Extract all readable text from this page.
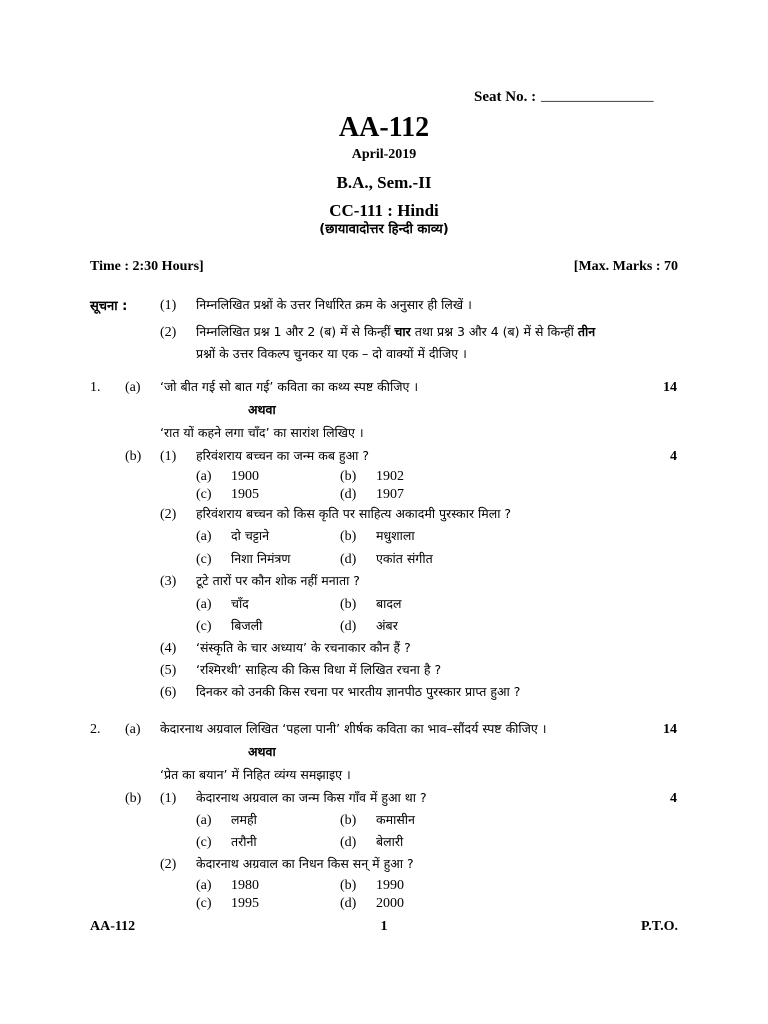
Seat No. : _______________
AA-112
April-2019
B.A., Sem.-II
CC-111 : Hindi
(छायावादोत्तर हिन्दी काव्य)
Time : 2:30 Hours]	[Max. Marks : 70
सूचना : (1) निम्नलिखित प्रश्नों के उत्तर निर्धारित क्रम के अनुसार ही लिखें ।
(2) निम्नलिखित प्रश्न 1 और 2 (ब) में से किन्हीं चार तथा प्रश्न 3 और 4 (ब) में से किन्हीं तीन
प्रश्नों के उत्तर विकल्प चुनकर या एक – दो वाक्यों में दीजिए ।
1. (a) ‘जो बीत गई सो बात गई’ कविता का कथ्य स्पष्ट कीजिए ।	14
अथवा
‘रात यों कहने लगा चाँद’ का सारांश लिखिए ।
(b) (1) हरिवंशराय बच्चन का जन्म कब हुआ ?	4
(a) 1900	(b) 1902
(c) 1905	(d) 1907
(2) हरिवंशराय बच्चन को किस कृति पर साहित्य अकादमी पुरस्कार मिला ?
(a) दो चट्टाने	(b) मधुशाला
(c) निशा निमंत्रण	(d) एकांत संगीत
(3) टूटे तारों पर कौन शोक नहीं मनाता ?
(a) चाँद	(b) बादल
(c) बिजली	(d) अंबर
(4) ‘संस्कृति के चार अध्याय’ के रचनाकार कौन हैं ?
(5) ‘रश्मिरथी’ साहित्य की किस विधा में लिखित रचना है ?
(6) दिनकर को उनकी किस रचना पर भारतीय ज्ञानपीठ पुरस्कार प्राप्त हुआ ?
2. (a) केदारनाथ अग्रवाल लिखित ‘पहला पानी’ शीर्षक कविता का भाव–सौंदर्य स्पष्ट कीजिए ।	14
अथवा
‘प्रेत का बयान’ में निहित व्यंग्य समझाइए ।
(b) (1) केदारनाथ अग्रवाल का जन्म किस गाँव में हुआ था ?	4
(a) लमही	(b) कमासीन
(c) तरौनी	(d) बेलारी
(2) केदारनाथ अग्रवाल का निधन किस सन् में हुआ ?
(a) 1980	(b) 1990
(c) 1995	(d) 2000
AA-112	1	P.T.O.
